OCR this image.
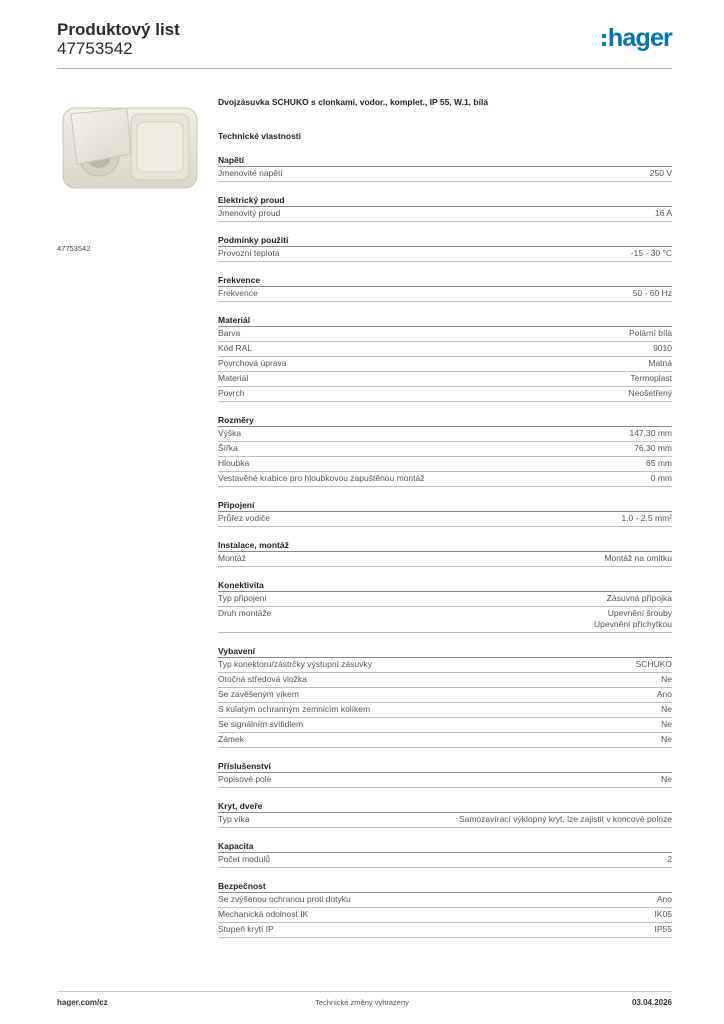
Produktový list
47753542	hager
47753542
Dvojzásuvka SCHUKO s clonkami, vodor., komplet., IP 55, W.1, bílá
Technické vlastnosti
Napětí
Jmenovité napětí	250 V
Elektrický proud
Jmenovitý proud	16 A
Podmínky použití
Provozní teplota	-15 - 30 °C
Frekvence
Frekvence	50 - 60 Hz
Materiál
Barva	Polární bílá
Kód RAL	9010
Povrchová úprava	Matná
Materiál	Termoplast
Povrch	Neošetřený
Rozměry
Výška	147,30 mm
Šířka	76,30 mm
Hloubka	65 mm
Vestavěné krabice pro hloubkovou zapuštěnou montáž	0 mm
Připojení
Průřez vodiče	1,0 - 2,5 mm²
Instalace, montáž
Montáž	Montáž na omítku
Konektivita
Typ připojení	Zásuvná přípojka
Druh montáže	Upevnění šrouby
Upevnění příchytkou
Vybavení
Typ konektoru/zástrčky výstupní zásuvky	SCHUKO
Otočná středová vložka	Ne
Se zavěšeným víkem	Ano
S kulatým ochranným zemnicím kolíkem	Ne
Se signálním svítidlem	Ne
Zámek	Ne
Příslušenství
Popisové pole	Ne
Kryt, dveře
Typ víka	Samozavírací výklopný kryt, lze zajistit v koncové poloze
Kapacita
Počet modulů	2
Bezpečnost
Se zvýšenou ochranou proti dotyku	Ano
Mechanická odolnost IK	IK05
Stupeň krytí IP	IP55
hager.com/cz	Technické změny vyhrazeny	03.04.2026
